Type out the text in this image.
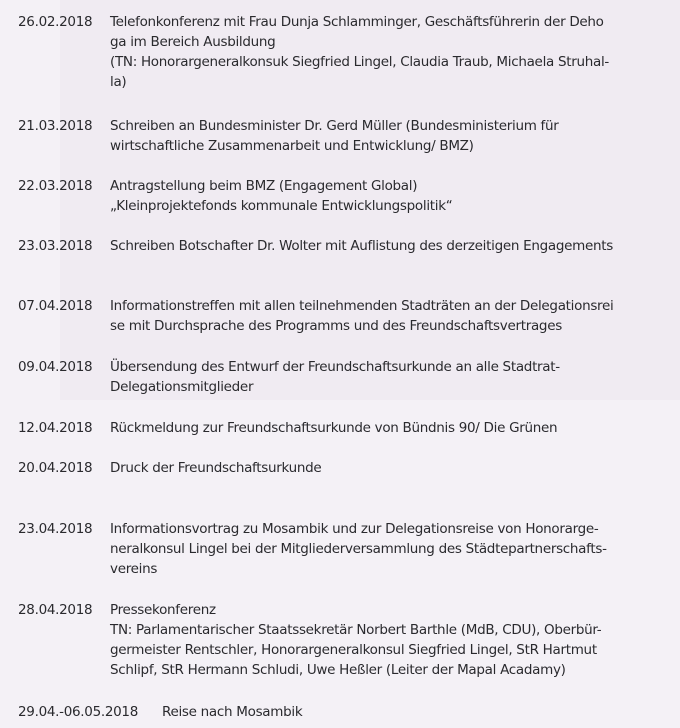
26.02.2018 Telefonkonferenz mit Frau Dunja Schlamminger, Geschäftsführerin der Deho
ga im Bereich Ausbildung
(TN: Honorargeneralkonsuk Siegfried Lingel, Claudia Traub, Michaela Struhal-
la)
21.03.2018 Schreiben an Bundesminister Dr. Gerd Müller (Bundesministerium für
wirtschaftliche Zusammenarbeit und Entwicklung/ BMZ)
22.03.2018 Antragstellung beim BMZ (Engagement Global)
„Kleinprojektefonds kommunale Entwicklungspolitik“
23.03.2018 Schreiben Botschafter Dr. Wolter mit Auflistung des derzeitigen Engagements
07.04.2018 Informationstreffen mit allen teilnehmenden Stadträten an der Delegationsrei
se mit Durchsprache des Programms und des Freundschaftsvertrages
09.04.2018 Übersendung des Entwurf der Freundschaftsurkunde an alle Stadtrat-
Delegationsmitglieder
12.04.2018 Rückmeldung zur Freundschaftsurkunde von Bündnis 90/ Die Grünen
20.04.2018 Druck der Freundschaftsurkunde
23.04.2018 Informationsvortrag zu Mosambik und zur Delegationsreise von Honorarge-
neralkonsul Lingel bei der Mitgliederversammlung des Städtepartnerschafts-
vereins
28.04.2018 Pressekonferenz
TN: Parlamentarischer Staatssekretär Norbert Barthle (MdB, CDU), Oberbür-
germeister Rentschler, Honorargeneralkonsul Siegfried Lingel, StR Hartmut
Schlipf, StR Hermann Schludi, Uwe Heßler (Leiter der Mapal Acadamy)
29.04.-06.05.2018 Reise nach Mosambik
